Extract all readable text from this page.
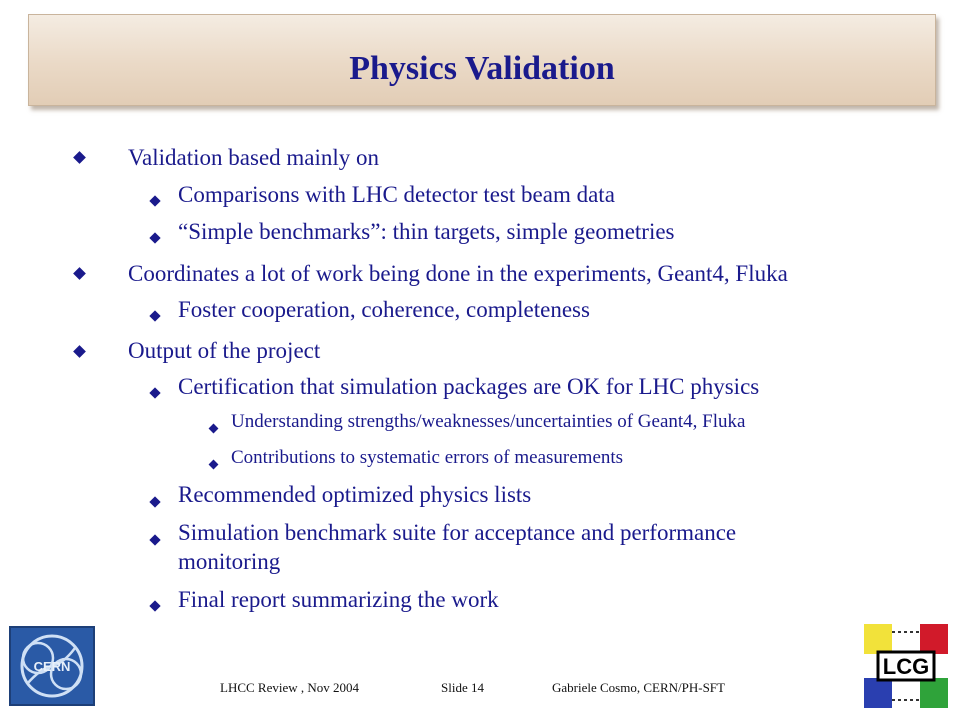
Physics Validation
Validation based mainly on
Comparisons with LHC detector test beam data
“Simple benchmarks”: thin targets, simple geometries
Coordinates a lot of work being done in the experiments, Geant4, Fluka
Foster cooperation, coherence, completeness
Output of the project
Certification that simulation packages are OK for LHC physics
Understanding strengths/weaknesses/uncertainties of Geant4, Fluka
Contributions to systematic errors of measurements
Recommended optimized physics lists
Simulation benchmark suite for acceptance and performance
monitoring
Final report summarizing the work
CERN	LCG
LHCC Review , Nov 2004	Slide 14	Gabriele Cosmo, CERN/PH-SFT
